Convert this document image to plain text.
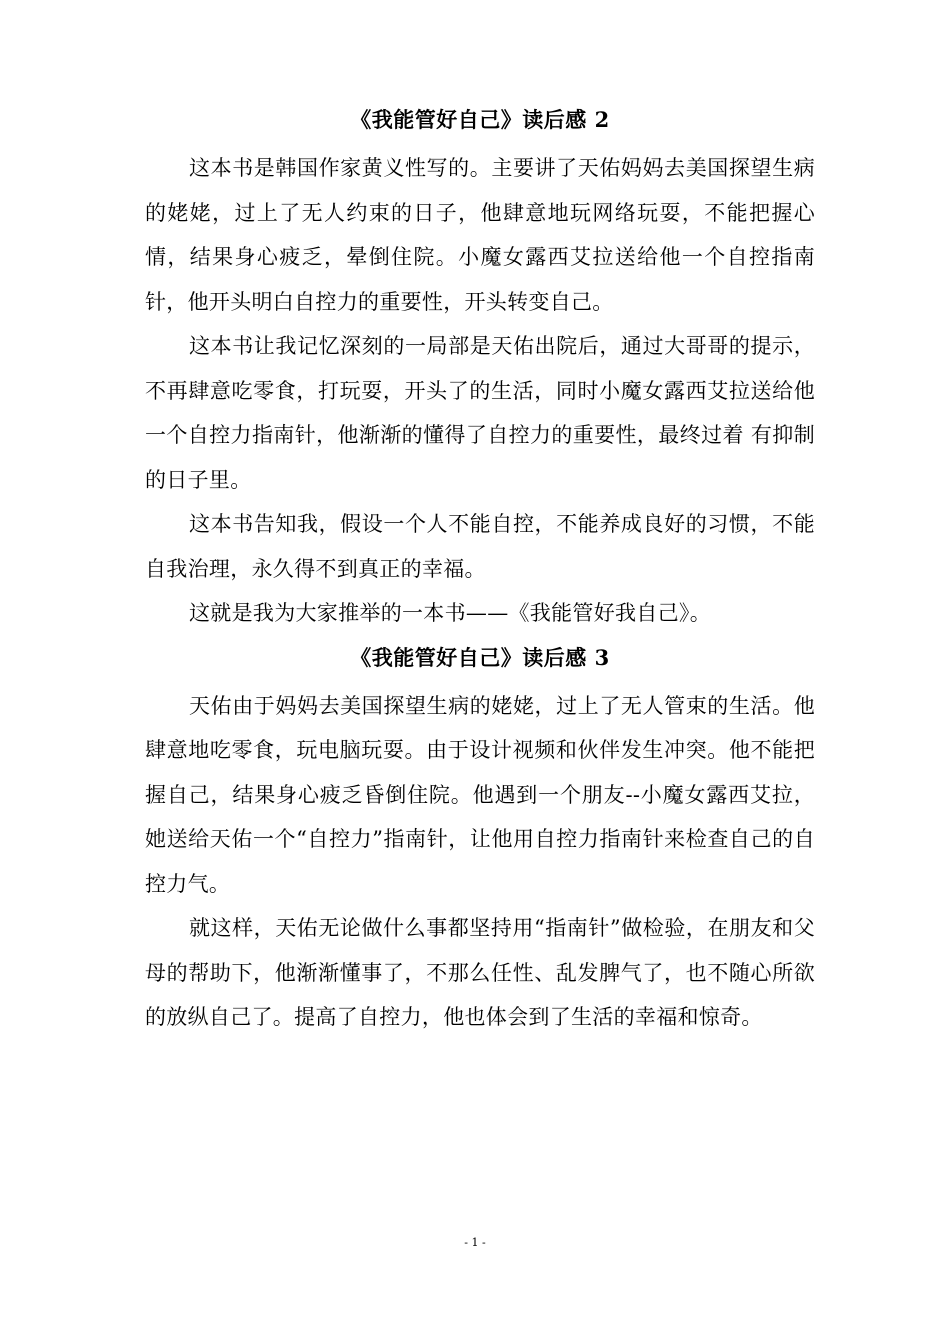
《我能管好自己》读后感 2

这本书是韩国作家黄义性写的。主要讲了天佑妈妈去美国探望生病的姥姥，过上了无人约束的日子，他肆意地玩网络玩耍，不能把握心情，结果身心疲乏，晕倒住院。小魔女露西艾拉送给他一个自控指南针，他开头明白自控力的重要性，开头转变自己。

这本书让我记忆深刻的一局部是天佑出院后，通过大哥哥的提示，不再肆意吃零食，打玩耍，开头了的生活，同时小魔女露西艾拉送给他一个自控力指南针，他渐渐的懂得了自控力的重要性，最终过着 有抑制的日子里。

这本书告知我，假设一个人不能自控，不能养成良好的习惯，不能自我治理，永久得不到真正的幸福。

这就是我为大家推举的一本书——《我能管好我自己》。

《我能管好自己》读后感 3

天佑由于妈妈去美国探望生病的姥姥，过上了无人管束的生活。他肆意地吃零食，玩电脑玩耍。由于设计视频和伙伴发生冲突。他不能把握自己，结果身心疲乏昏倒住院。他遇到一个朋友--小魔女露西艾拉，她送给天佑一个“自控力”指南针，让他用自控力指南针来检查自己的自控力气。

就这样，天佑无论做什么事都坚持用“指南针”做检验，在朋友和父母的帮助下，他渐渐懂事了，不那么任性、乱发脾气了，也不随心所欲的放纵自己了。提高了自控力，他也体会到了生活的幸福和惊奇。

- 1 -
